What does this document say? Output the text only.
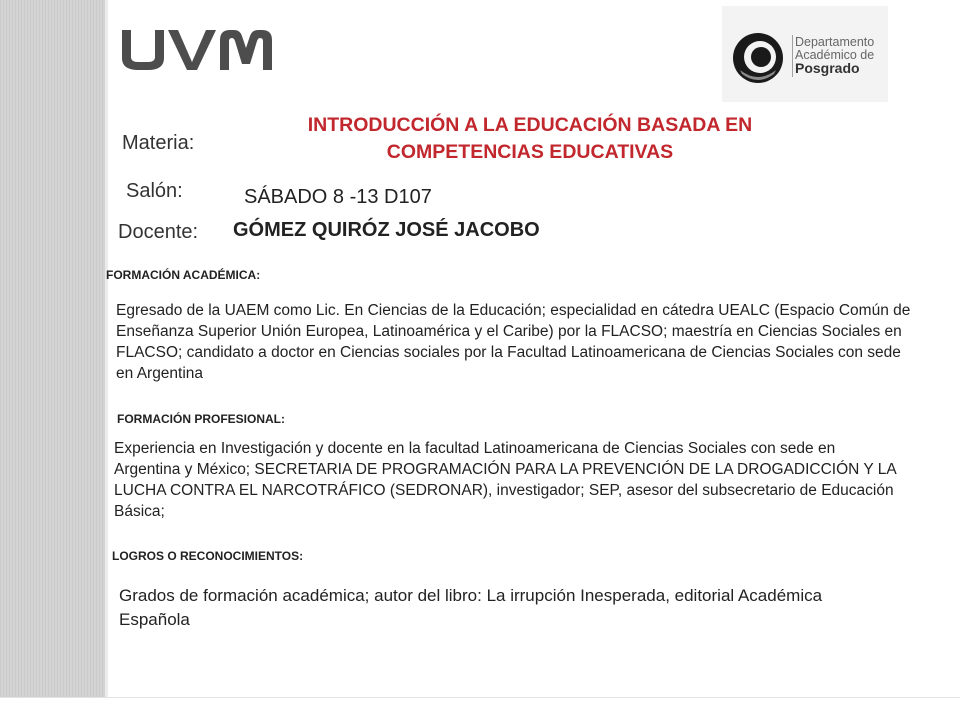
Departamento
Académico de
Posgrado
Materia:
INTRODUCCIÓN A LA EDUCACIÓN BASADA EN COMPETENCIAS EDUCATIVAS
Salón:	SÁBADO 8 -13 D107
Docente: GÓMEZ QUIRÓZ JOSÉ JACOBO
FORMACIÓN ACADÉMICA:
Egresado de la UAEM como Lic. En Ciencias de la Educación; especialidad en cátedra UEALC (Espacio Común de Enseñanza Superior Unión Europea, Latinoamérica y el Caribe) por la FLACSO; maestría en Ciencias Sociales en FLACSO; candidato a doctor en Ciencias sociales por la Facultad Latinoamericana de Ciencias Sociales con sede en Argentina
FORMACIÓN PROFESIONAL:
Experiencia en Investigación y docente en la facultad Latinoamericana de Ciencias Sociales con sede en Argentina y México; SECRETARIA DE PROGRAMACIÓN PARA LA PREVENCIÓN DE LA DROGADICCIÓN Y LA LUCHA CONTRA EL NARCOTRÁFICO (SEDRONAR), investigador; SEP, asesor del subsecretario de Educación Básica;
LOGROS O RECONOCIMIENTOS:
Grados de formación académica; autor del libro: La irrupción Inesperada, editorial Académica Española
